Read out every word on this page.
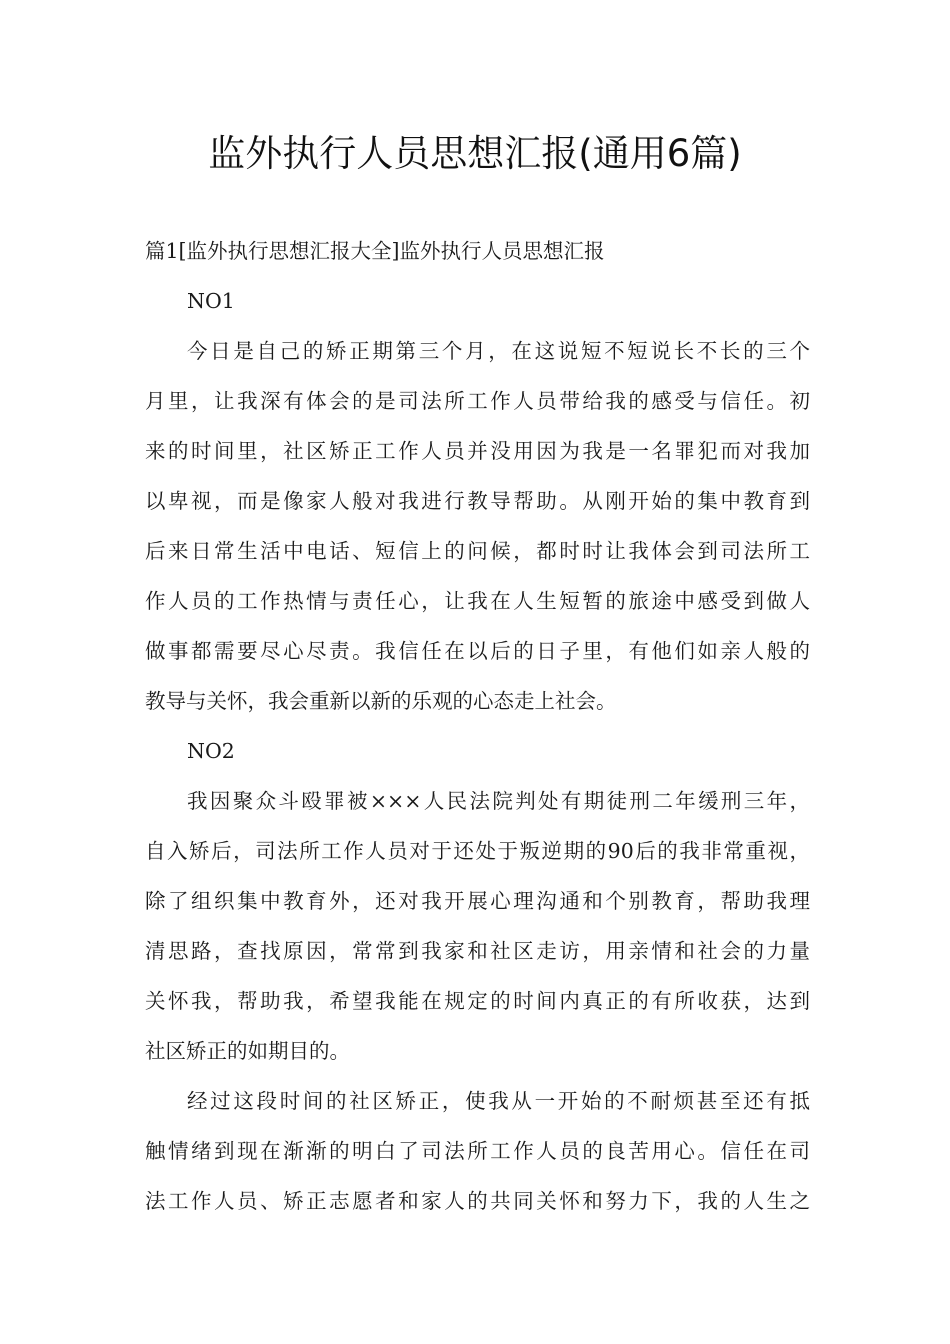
监外执行人员思想汇报(通用6篇)
篇1[监外执行思想汇报大全]监外执行人员思想汇报
NO1
今日是自己的矫正期第三个月，在这说短不短说长不长的三个
月里，让我深有体会的是司法所工作人员带给我的感受与信任。初
来的时间里，社区矫正工作人员并没用因为我是一名罪犯而对我加
以卑视，而是像家人般对我进行教导帮助。从刚开始的集中教育到
后来日常生活中电话、短信上的问候，都时时让我体会到司法所工
作人员的工作热情与责任心，让我在人生短暂的旅途中感受到做人
做事都需要尽心尽责。我信任在以后的日子里，有他们如亲人般的
教导与关怀，我会重新以新的乐观的心态走上社会。
NO2
我因聚众斗殴罪被×××人民法院判处有期徒刑二年缓刑三年，
自入矫后，司法所工作人员对于还处于叛逆期的90后的我非常重视，
除了组织集中教育外，还对我开展心理沟通和个别教育，帮助我理
清思路，查找原因，常常到我家和社区走访，用亲情和社会的力量
关怀我，帮助我，希望我能在规定的时间内真正的有所收获，达到
社区矫正的如期目的。
经过这段时间的社区矫正，使我从一开始的不耐烦甚至还有抵
触情绪到现在渐渐的明白了司法所工作人员的良苦用心。信任在司
法工作人员、矫正志愿者和家人的共同关怀和努力下，我的人生之
